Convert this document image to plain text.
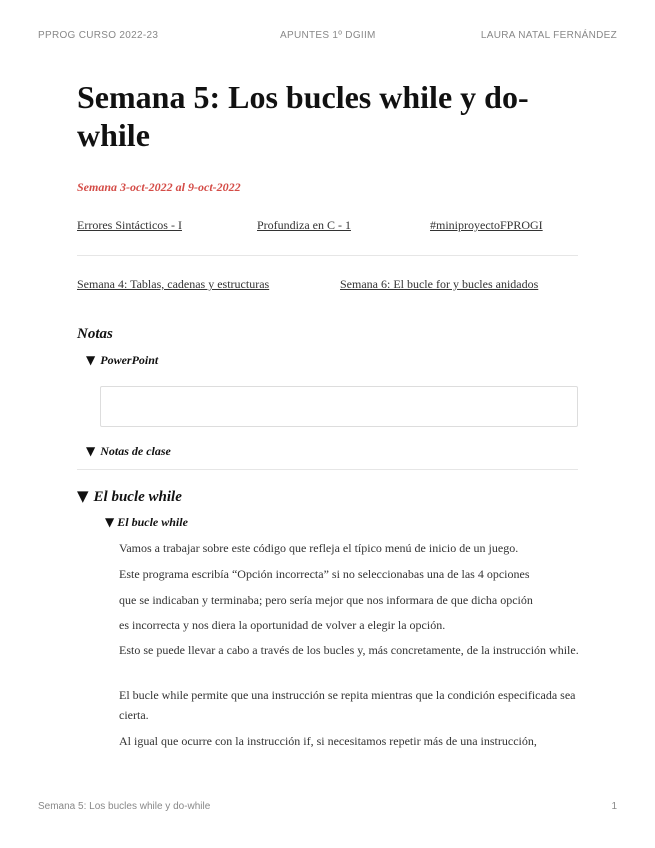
PPROG CURSO 2022-23	APUNTES 1º DGIIM	LAURA NATAL FERNÁNDEZ
Semana 5: Los bucles while y do-while
Semana 3-oct-2022 al 9-oct-2022
Errores Sintácticos - I	Profundiza en C - 1	#miniproyectoFPROGI
Semana 4: Tablas, cadenas y estructuras	Semana 6: El bucle for y bucles anidados
Notas
▼ PowerPoint
▼ Notas de clase
▼ El bucle while
▼ El bucle while

Vamos a trabajar sobre este código que refleja el típico menú de inicio de un juego.

Este programa escribía “Opción incorrecta” si no seleccionabas una de las 4 opciones

que se indicaban y terminaba; pero sería mejor que nos informara de que dicha opción

es incorrecta y nos diera la oportunidad de volver a elegir la opción.

Esto se puede llevar a cabo a través de los bucles y, más concretamente, de la instrucción while.

El bucle while permite que una instrucción se repita mientras que la condición especificada sea cierta.

Al igual que ocurre con la instrucción if, si necesitamos repetir más de una instrucción,

Semana 5: Los bucles while y do-while	1
